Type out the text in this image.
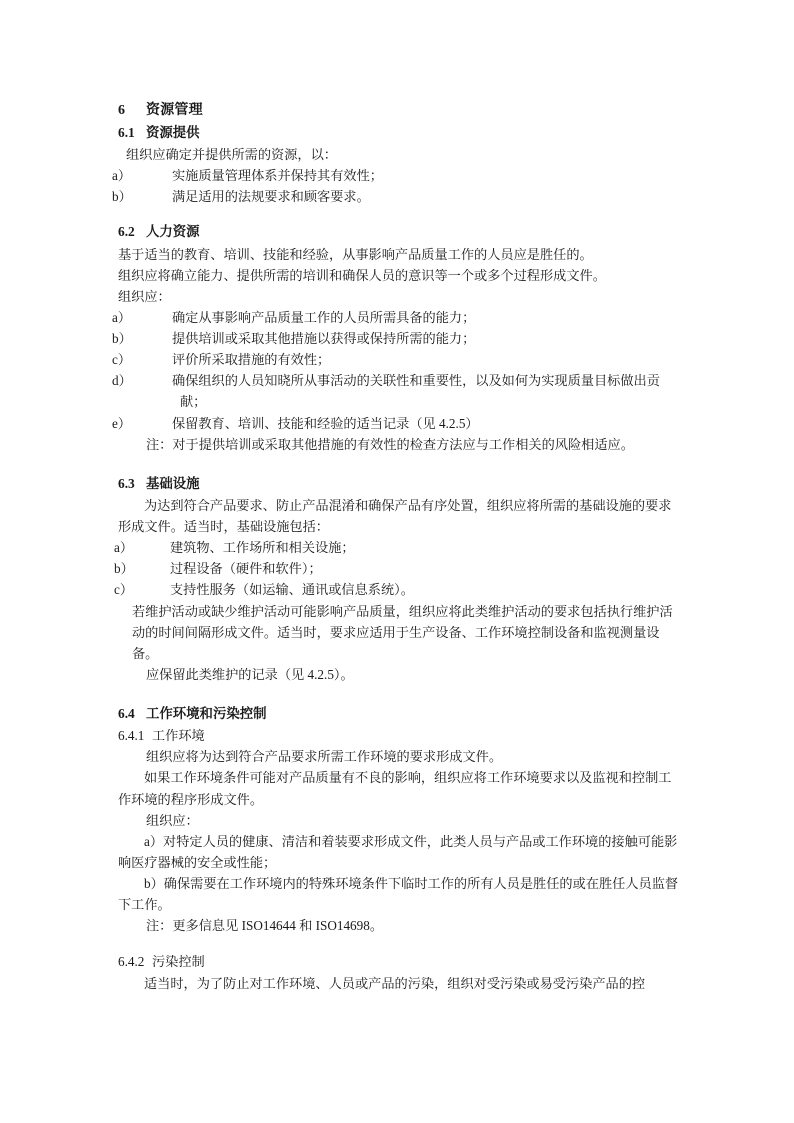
6 资源管理
6.1 资源提供

组织应确定并提供所需的资源，以：

a）	实施质量管理体系并保持其有效性；
b）	满足适用的法规要求和顾客要求。
6.2 人力资源

基于适当的教育、培训、技能和经验，从事影响产品质量工作的人员应是胜任的。

组织应将确立能力、提供所需的培训和确保人员的意识等一个或多个过程形成文件。

组织应：

a）	确定从事影响产品质量工作的人员所需具备的能力；
b）	提供培训或采取其他措施以获得或保持所需的能力；
c）	评价所采取措施的有效性；
d）	确保组织的人员知晓所从事活动的关联性和重要性，以及如何为实现质量目标做出贡献；
e）	保留教育、培训、技能和经验的适当记录（见 4.2.5）

注：对于提供培训或采取其他措施的有效性的检查方法应与工作相关的风险相适应。

6.3 基础设施

为达到符合产品要求、防止产品混淆和确保产品有序处置，组织应将所需的基础设施的要求形成文件。适当时，基础设施包括：

a）	建筑物、工作场所和相关设施；
b）	过程设备（硬件和软件）；
c）	支持性服务（如运输、通讯或信息系统）。

若维护活动或缺少维护活动可能影响产品质量，组织应将此类维护活动的要求包括执行维护活动的时间间隔形成文件。适当时，要求应适用于生产设备、工作环境控制设备和监视测量设备。

应保留此类维护的记录（见 4.2.5）。

6.4 工作环境和污染控制

6.4.1 工作环境

组织应将为达到符合产品要求所需工作环境的要求形成文件。

如果工作环境条件可能对产品质量有不良的影响，组织应将工作环境要求以及监视和控制工作环境的程序形成文件。

组织应：

a）对特定人员的健康、清洁和着装要求形成文件，此类人员与产品或工作环境的接触可能影响医疗器械的安全或性能；

b）确保需要在工作环境内的特殊环境条件下临时工作的所有人员是胜任的或在胜任人员监督下工作。

注：更多信息见 ISO14644 和 ISO14698。

6.4.2 污染控制

适当时，为了防止对工作环境、人员或产品的污染，组织对受污染或易受污染产品的控
